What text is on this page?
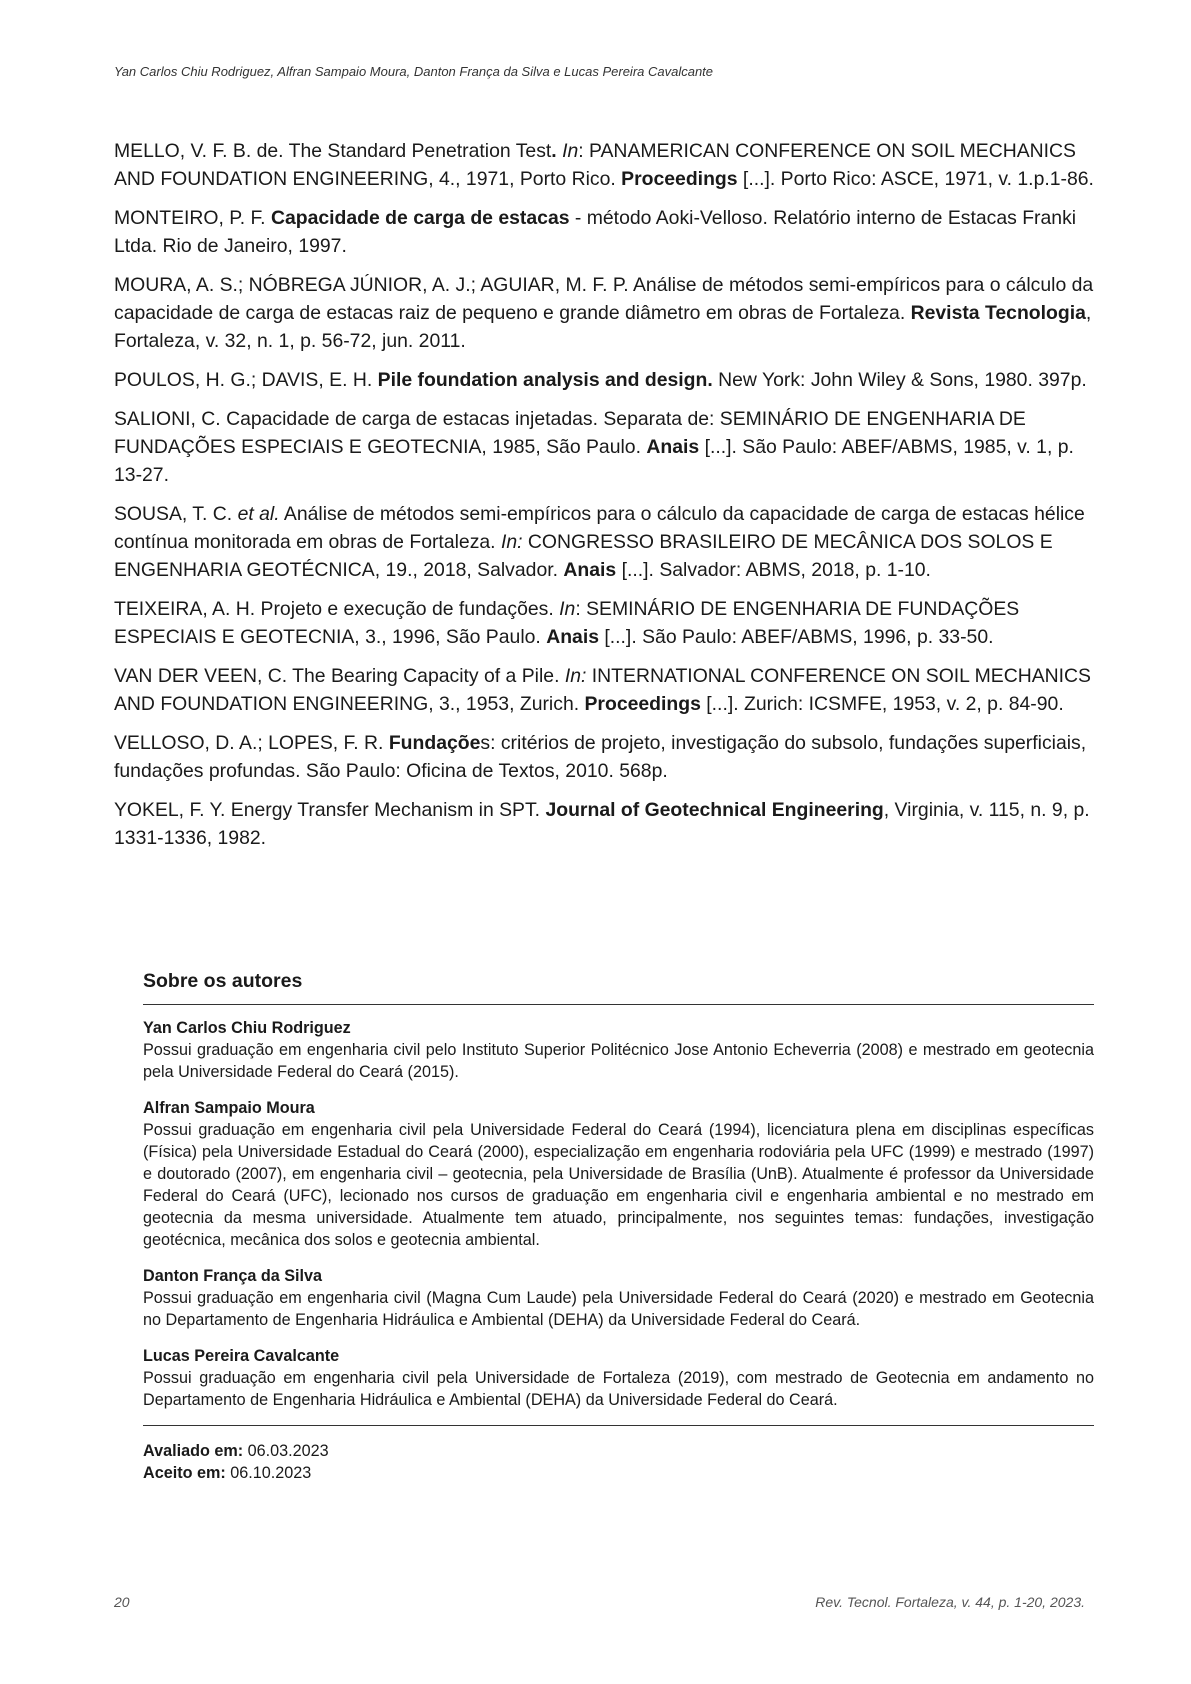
Yan Carlos Chiu Rodriguez, Alfran Sampaio Moura, Danton França da Silva e Lucas Pereira Cavalcante

MELLO, V. F. B. de. The Standard Penetration Test. In: PANAMERICAN CONFERENCE ON SOIL MECHANICS AND FOUNDATION ENGINEERING, 4., 1971, Porto Rico. Proceedings [...]. Porto Rico: ASCE, 1971, v. 1.p.1-86.

MONTEIRO, P. F. Capacidade de carga de estacas - método Aoki-Velloso. Relatório interno de Estacas Franki Ltda. Rio de Janeiro, 1997.

MOURA, A. S.; NÓBREGA JÚNIOR, A. J.; AGUIAR, M. F. P. Análise de métodos semi-empíricos para o cálculo da capacidade de carga de estacas raiz de pequeno e grande diâmetro em obras de Fortaleza. Revista Tecnologia, Fortaleza, v. 32, n. 1, p. 56-72, jun. 2011.

POULOS, H. G.; DAVIS, E. H. Pile foundation analysis and design. New York: John Wiley & Sons, 1980. 397p.

SALIONI, C. Capacidade de carga de estacas injetadas. Separata de: SEMINÁRIO DE ENGENHARIA DE FUNDAÇÕES ESPECIAIS E GEOTECNIA, 1985, São Paulo. Anais [...]. São Paulo: ABEF/ABMS, 1985, v. 1, p. 13-27.

SOUSA, T. C. et al. Análise de métodos semi-empíricos para o cálculo da capacidade de carga de estacas hélice contínua monitorada em obras de Fortaleza. In: CONGRESSO BRASILEIRO DE MECÂNICA DOS SOLOS E ENGENHARIA GEOTÉCNICA, 19., 2018, Salvador. Anais [...]. Salvador: ABMS, 2018, p. 1-10.

TEIXEIRA, A. H. Projeto e execução de fundações. In: SEMINÁRIO DE ENGENHARIA DE FUNDAÇÕES ESPECIAIS E GEOTECNIA, 3., 1996, São Paulo. Anais [...]. São Paulo: ABEF/ABMS, 1996, p. 33-50.

VAN DER VEEN, C. The Bearing Capacity of a Pile. In: INTERNATIONAL CONFERENCE ON SOIL MECHANICS AND FOUNDATION ENGINEERING, 3., 1953, Zurich. Proceedings [...]. Zurich: ICSMFE, 1953, v. 2, p. 84-90.

VELLOSO, D. A.; LOPES, F. R. Fundações: critérios de projeto, investigação do subsolo, fundações superficiais, fundações profundas. São Paulo: Oficina de Textos, 2010. 568p.

YOKEL, F. Y. Energy Transfer Mechanism in SPT. Journal of Geotechnical Engineering, Virginia, v. 115, n. 9, p. 1331-1336, 1982.

Sobre os autores
Yan Carlos Chiu Rodriguez
Possui graduação em engenharia civil pelo Instituto Superior Politécnico Jose Antonio Echeverria (2008) e mestrado em geotecnia pela Universidade Federal do Ceará (2015).
Alfran Sampaio Moura
Possui graduação em engenharia civil pela Universidade Federal do Ceará (1994), licenciatura plena em disciplinas específicas (Física) pela Universidade Estadual do Ceará (2000), especialização em engenharia rodoviária pela UFC (1999) e mestrado (1997) e doutorado (2007), em engenharia civil – geotecnia, pela Universidade de Brasília (UnB). Atualmente é professor da Universidade Federal do Ceará (UFC), lecionado nos cursos de graduação em engenharia civil e engenharia ambiental e no mestrado em geotecnia da mesma universidade. Atualmente tem atuado, principalmente, nos seguintes temas: fundações, investigação geotécnica, mecânica dos solos e geotecnia ambiental.
Danton França da Silva
Possui graduação em engenharia civil (Magna Cum Laude) pela Universidade Federal do Ceará (2020) e mestrado em Geotecnia no Departamento de Engenharia Hidráulica e Ambiental (DEHA) da Universidade Federal do Ceará.
Lucas Pereira Cavalcante
Possui graduação em engenharia civil pela Universidade de Fortaleza (2019), com mestrado de Geotecnia em andamento no Departamento de Engenharia Hidráulica e Ambiental (DEHA) da Universidade Federal do Ceará.
Avaliado em: 06.03.2023
Aceito em: 06.10.2023
20	Rev. Tecnol. Fortaleza, v. 44, p. 1-20, 2023.
